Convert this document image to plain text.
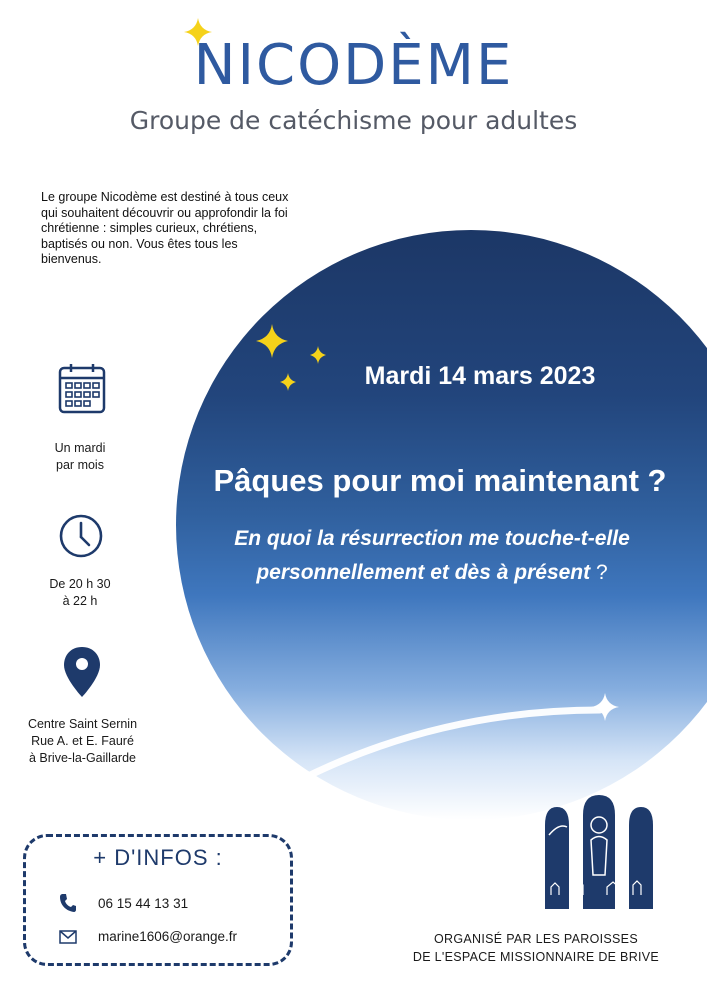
NICODÈME
Groupe de catéchisme pour adultes
Le groupe Nicodème est destiné à tous ceux qui souhaitent découvrir ou approfondir la foi chrétienne : simples curieux, chrétiens, baptisés ou non. Vous êtes tous les bienvenus.
Mardi 14 mars 2023
Pâques pour moi maintenant ?
En quoi la résurrection me touche-t-elle personnellement et dès à présent ?
Un mardi
par mois
De 20 h 30
à 22 h
Centre Saint Sernin
Rue A. et E. Fauré
à Brive-la-Gaillarde
+ D'INFOS :
06 15 44 13 31
marine1606@orange.fr	ORGANISÉ PAR LES PAROISSES
DE L'ESPACE MISSIONNAIRE DE BRIVE
